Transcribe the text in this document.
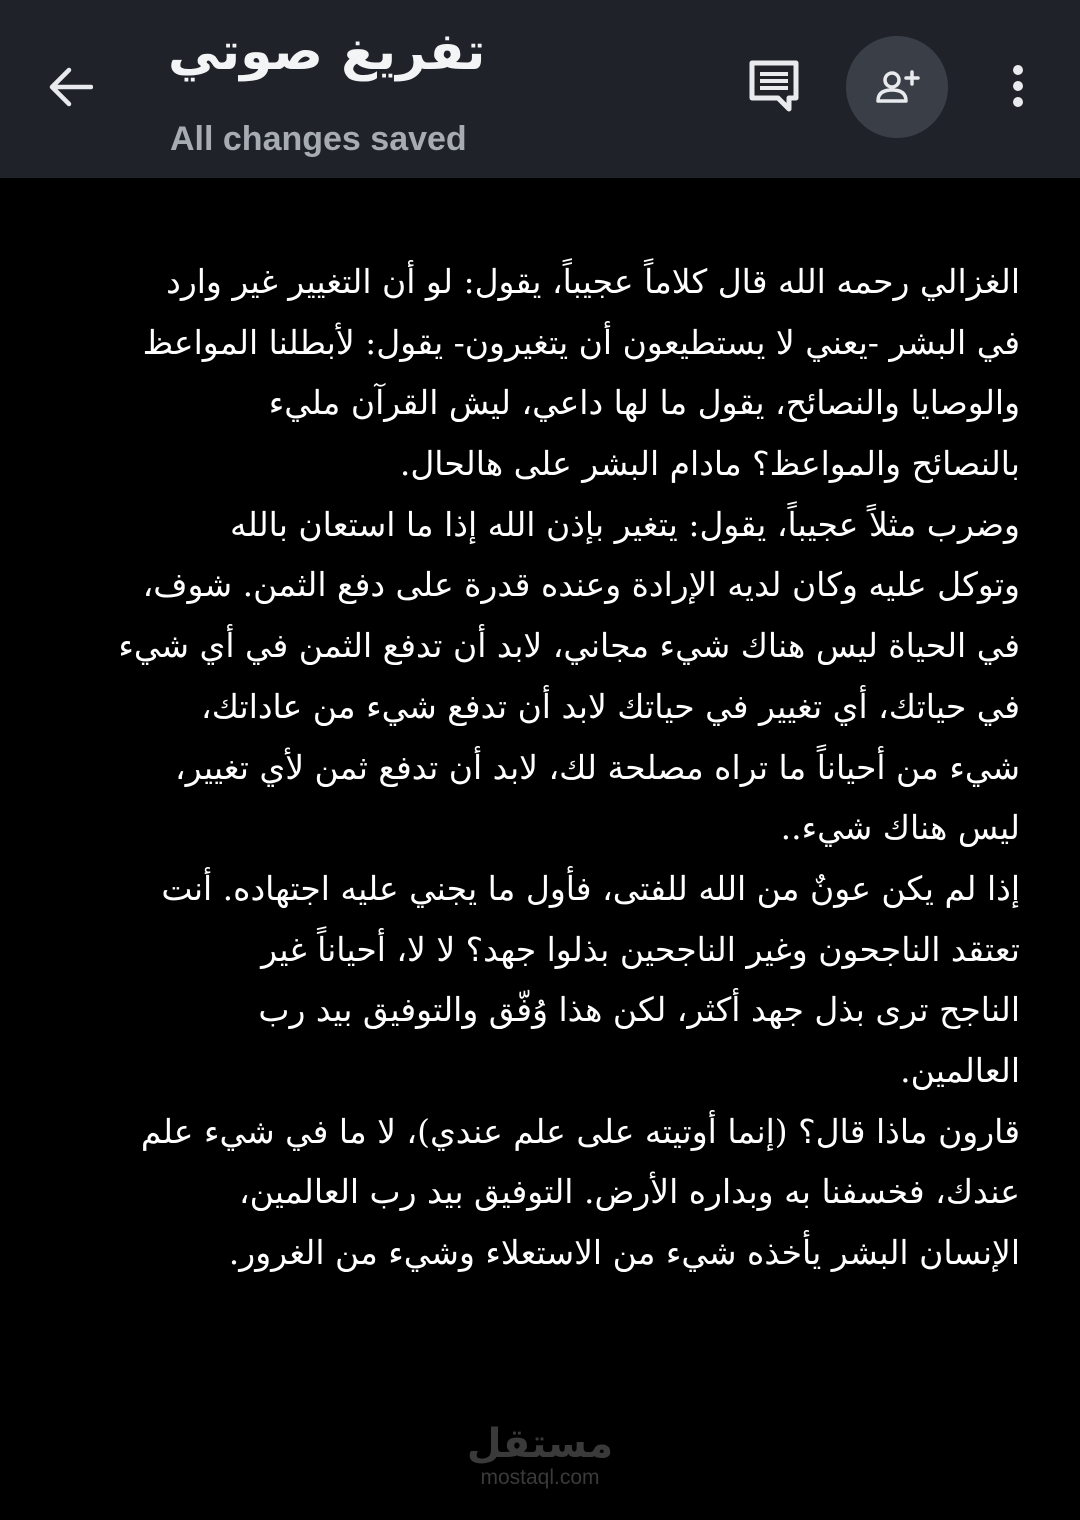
تفريغ صوتي
All changes saved
الغزالي رحمه الله قال كلاماً عجيباً، يقول: لو أن التغيير غير وارد
في البشر -يعني لا يستطيعون أن يتغيرون- يقول: لأبطلنا المواعظ
والوصايا والنصائح، يقول ما لها داعي، ليش القرآن مليء
بالنصائح والمواعظ؟ مادام البشر على هالحال.
وضرب مثلاً عجيباً، يقول: يتغير بإذن الله إذا ما استعان بالله
وتوكل عليه وكان لديه الإرادة وعنده قدرة على دفع الثمن. شوف،
في الحياة ليس هناك شيء مجاني، لابد أن تدفع الثمن في أي شيء
في حياتك، أي تغيير في حياتك لابد أن تدفع شيء من عاداتك،
شيء من أحياناً ما تراه مصلحة لك، لابد أن تدفع ثمن لأي تغيير،
ليس هناك شيء..
إذا لم يكن عونٌ من الله للفتى، فأول ما يجني عليه اجتهاده. أنت
تعتقد الناجحون وغير الناجحين بذلوا جهد؟ لا لا، أحياناً غير
الناجح ترى بذل جهد أكثر، لكن هذا وُفّق والتوفيق بيد رب
العالمين.
قارون ماذا قال؟ (إنما أوتيته على علم عندي)، لا ما في شيء علم
عندك، فخسفنا به وبداره الأرض. التوفيق بيد رب العالمين،
الإنسان البشر يأخذه شيء من الاستعلاء وشيء من الغرور.
مستقل
mostaql.com
